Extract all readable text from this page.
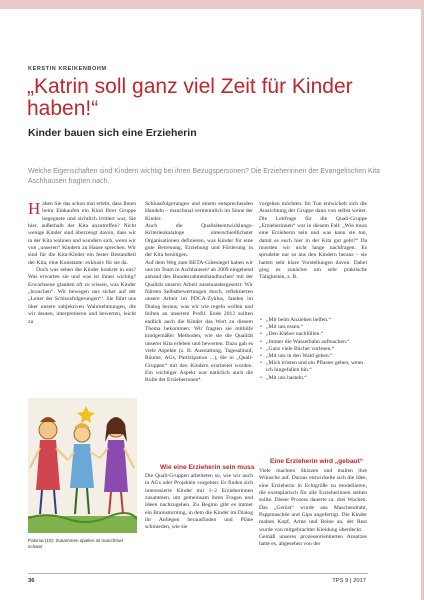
KERSTIN KREIKENBOHM
„Katrin soll ganz viel Zeit für Kinder haben!“
Kinder bauen sich eine Erzieherin

Welche Eigenschaften sind Kindern wichtig bei ihren Bezugspersonen? Die Erzieherinnen der Evangelischen Kita Aschhausen fragten nach.

Haben Sie das schon mal erlebt, dass Ihnen beim Einkaufen ein Kind Ihrer Gruppe begegnete und sichtlich irritiert war, Sie hier, außerhalb der Kita anzutreffen? Nicht wenige Kinder sind überzeugt davon, dass wir in der Kita wohnen und wundern sich, wenn wir von „unseren“ Kindern zu Hause sprechen. Wir sind für die Kita-Kinder ein fester Bestandteil der Kita, eine Konstante: exklusiv für sie da.
Doch was sehen die Kinder konkret in uns? Was erwarten sie und was ist ihnen wichtig? Erwachsene glauben oft zu wissen, was Kinder „brauchen“. Wir bewegen uns sicher auf der „Leiter der Schlussfolgerungen“¹. Sie führt uns über unsere subjektiven Wahrnehmungen, die wir deuten, interpretieren und bewerten, leicht zu

Paloma (10): Zusammen spielen ist manchmal schwer

Schlussfolgerungen und einem entsprechenden Handeln – manchmal vermeintlich im Sinne der Kinder.
Auch die Qualitätsentwicklungs-Kriterienkataloge unterschiedlichster Organisationen definieren, was Kinder für eine gute Betreuung, Erziehung und Förderung in der Kita benötigen.
Auf dem Weg zum BETA-Gütesiegel haben wir uns im Team in Aschhausen² ab 2009 eingehend anhand des Bundesrahmenhandbuches³ mit der Qualität unserer Arbeit auseinandergesetzt: Wir führten Selbstbewertungen durch, reflektierten unsere Arbeit im PDCA-Zyklus, fanden im Dialog heraus, was wir wie regeln wollen und feilten an unserem Profil. Ende 2012 sollten endlich auch die Kinder das Wort zu diesem Thema bekommen: Wir fragten sie mithilfe kindgemäßer Methoden, wie sie die Qualität unserer Kita erleben und bewerten. Dazu gab es viele Aspekte (z. B. Ausstattung, Tagesablauf, Räume, AGs, Partizipation ...), die in „Quali-Gruppen“ mit den Kindern erarbeitet wurden. Ein wichtiger Aspekt war natürlich auch die Rolle der Erzieherinnen⁴.
Wie eine Erzieherin sein muss
Die Quali-Gruppen arbeiteten so, wie wir auch in AGs oder Projekten vorgehen: Es finden sich interessierte Kinder mit 1–2 Erzieherinnen zusammen, um gemeinsam ihren Fragen und Ideen nachzugehen. Zu Beginn gibt es immer ein Brainstorming, in dem die Kinder im Dialog ihr Anliegen herausfinden und Pläne schmieden, wie sie
vorgehen möchten. Im Tun entwickelt sich die Ausrichtung der Gruppe dann von selbst weiter. Die Leitfrage für die Quali-Gruppe „Erzieherinnen“ war in diesem Fall: „Wie muss eine Erzieherin sein und was kann sie tun, damit es euch hier in der Kita gut geht?“ Da mussten wir nicht lange nachfragen. Es sprudelte nur so aus den Kindern heraus – sie hatten sehr klare Vorstellungen davon. Dabei ging es zunächst um sehr praktische Tätigkeiten, z. B.
• „Mit beim Anziehen helfen.“
• „Mit uns essen.“
• „Den Kleber nachfüllen.“
• „Immer die Wasserbahn aufmachen.“
• „Ganz viele Bücher vorlesen.“
• „Mit uns in den Wald gehen.“
• „Mich trösten und ein Pflaster geben, wenn ich hingefallen bin.“
• „Mit uns basteln.“
Eine Erzieherin wird „gebaut“
Viele machten Skizzen und malten ihre Wünsche auf. Daraus entwickelte sich die Idee, eine Erzieherin in Echtgröße zu modellieren, die exemplarisch für alle Erzieherinnen stehen sollte. Dieser Prozess dauerte ca. drei Wochen. Das „Gerüst“ wurde aus Maschendraht, Pappmaschée und Gips angefertigt. Die Kinder malten Kopf, Arme und Beine an, der Rest wurde von mitgebrachter Kleidung überdeckt.
Gemäß unseres prozessorientierten Ansatzes hatte es, abgesehen von der
36	TPS 9 | 2017
